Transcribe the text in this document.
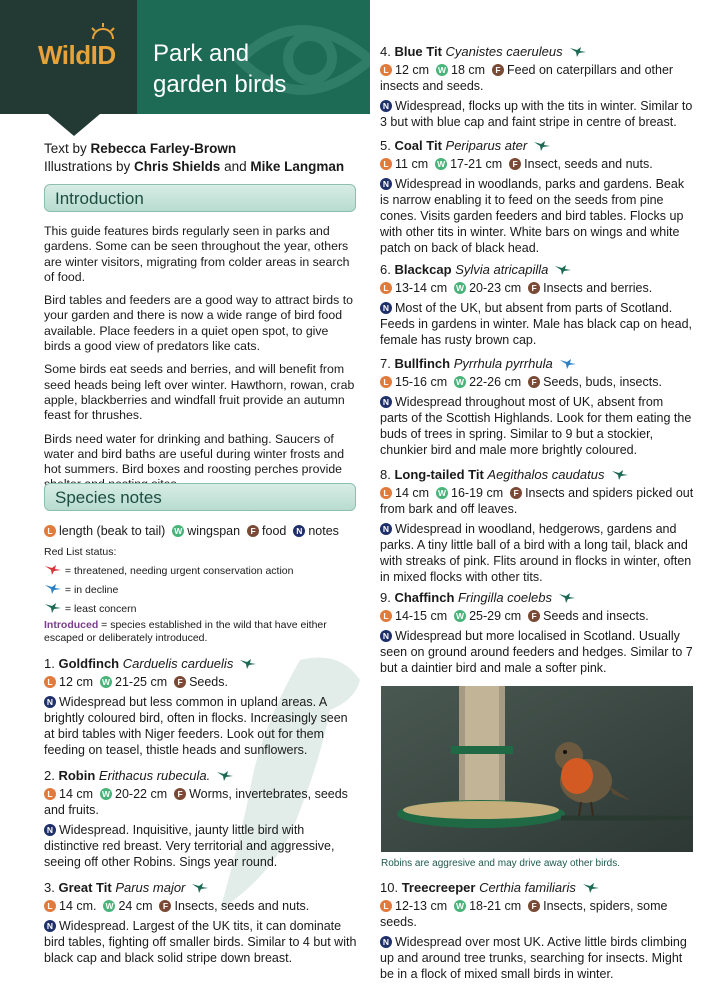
WildID Park and
garden birds
Text by Rebecca Farley-Brown
Illustrations by Chris Shields and Mike Langman
Introduction

This guide features birds regularly seen in parks and gardens. Some can be seen throughout the year, others are winter visitors, migrating from colder areas in search of food.

Bird tables and feeders are a good way to attract birds to your garden and there is now a wide range of bird food available. Place feeders in a quiet open spot, to give birds a good view of predators like cats.

Some birds eat seeds and berries, and will benefit from seed heads being left over winter. Hawthorn, rowan, crab apple, blackberries and windfall fruit provide an autumn feast for thrushes.

Birds need water for drinking and bathing. Saucers of water and bird baths are useful during winter frosts and hot summers. Bird boxes and roosting perches provide

Species notes
L length (beak to tail) W wingspan F food N notes
Red List status:
= threatened, needing urgent conservation action
= in decline
= least concern
Introduced = species established in the wild that have either escaped or deliberately introduced.
1. Goldfinch Carduelis carduelis
L 12 cm W 21-25 cm F Seeds.

N Widespread but less common in upland areas. A brightly coloured bird, often in flocks. Increasingly seen at bird tables with Niger feeders. Look out for them feeding on teasel, thistle heads and sunflowers.

2. Robin Erithacus rubecula.
L 14 cm W 20-22 cm F Worms, invertebrates, seeds and fruits.

N Widespread. Inquisitive, jaunty little bird with distinctive red breast. Very territorial and aggressive, seeing off other Robins. Sings year round.

3. Great Tit Parus major
L 14 cm. W 24 cm F Insects, seeds and nuts.

N Widespread. Largest of the UK tits, it can dominate bird tables, fighting off smaller birds. Similar to 4 but with black cap and black solid stripe down breast.

4. Blue Tit Cyanistes caeruleus
L 12 cm W 18 cm F Feed on caterpillars and other insects and seeds.

N Widespread, flocks up with the tits in winter. Similar to 3 but with blue cap and faint stripe in centre of breast.

5. Coal Tit Periparus ater
L 11 cm W 17-21 cm F Insect, seeds and nuts.

N Widespread in woodlands, parks and gardens. Beak is narrow enabling it to feed on the seeds from pine cones. Visits garden feeders and bird tables. Flocks up with other tits in winter. White bars on wings and white patch on back of black head.

6. Blackcap Sylvia atricapilla
L 13-14 cm W 20-23 cm F Insects and berries.

N Most of the UK, but absent from parts of Scotland. Feeds in gardens in winter. Male has black cap on head, female has rusty brown cap.

7. Bullfinch Pyrrhula pyrrhula
L 15-16 cm W 22-26 cm F Seeds, buds, insects.

N Widespread throughout most of UK, absent from parts of the Scottish Highlands. Look for them eating the buds of trees in spring. Similar to 9 but a stockier, chunkier bird and male more brightly coloured.

8. Long-tailed Tit Aegithalos caudatus
L 14 cm W 16-19 cm F Insects and spiders picked out from bark and off leaves.

N Widespread in woodland, hedgerows, gardens and parks. A tiny little ball of a bird with a long tail, black and with streaks of pink. Flits around in flocks in winter, often in mixed flocks with other tits.

9. Chaffinch Fringilla coelebs
L 14-15 cm W 25-29 cm F Seeds and insects.

N Widespread but more localised in Scotland. Usually seen on ground around feeders and hedges. Similar to 7 but a daintier bird and male a softer pink.

10. Treecreeper Certhia familiaris
L 12-13 cm W 18-21 cm F Insects, spiders, some seeds.

N Widespread over most UK. Active little birds climbing up and around tree trunks, searching for insects. Might be in a flock of mixed small birds in winter.

Robins are aggresive and may drive away other birds.
